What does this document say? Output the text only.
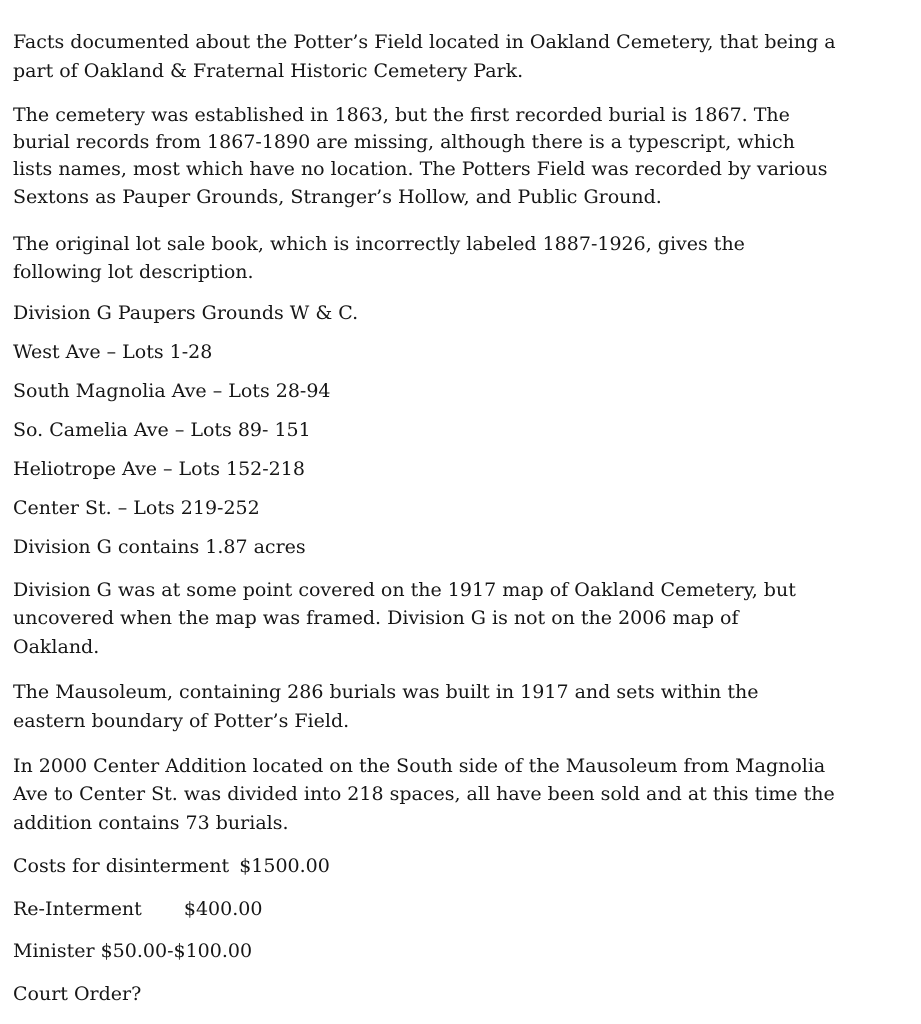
Facts documented about the Potter’s Field located in Oakland Cemetery, that being a

part of Oakland & Fraternal Historic Cemetery Park.

The cemetery was established in 1863, but the first recorded burial is 1867. The

burial records from 1867-1890 are missing, although there is a typescript, which

lists names, most which have no location. The Potters Field was recorded by various

Sextons as Pauper Grounds, Stranger’s Hollow, and Public Ground.

The original lot sale book, which is incorrectly labeled 1887-1926, gives the

following lot description.

Division G Paupers Grounds W & C.

West Ave – Lots 1-28

South Magnolia Ave – Lots 28-94

So. Camelia Ave – Lots 89- 151

Heliotrope Ave – Lots 152-218

Center St. – Lots 219-252

Division G contains 1.87 acres

Division G was at some point covered on the 1917 map of Oakland Cemetery, but

uncovered when the map was framed. Division G is not on the 2006 map of

Oakland.

The Mausoleum, containing 286 burials was built in 1917 and sets within the

eastern boundary of Potter’s Field.

In 2000 Center Addition located on the South side of the Mausoleum from Magnolia

Ave to Center St. was divided into 218 spaces, all have been sold and at this time the

addition contains 73 burials.

Costs for disinterment $1500.00

Re-Interment $400.00

Minister $50.00-$100.00

Court Order?
